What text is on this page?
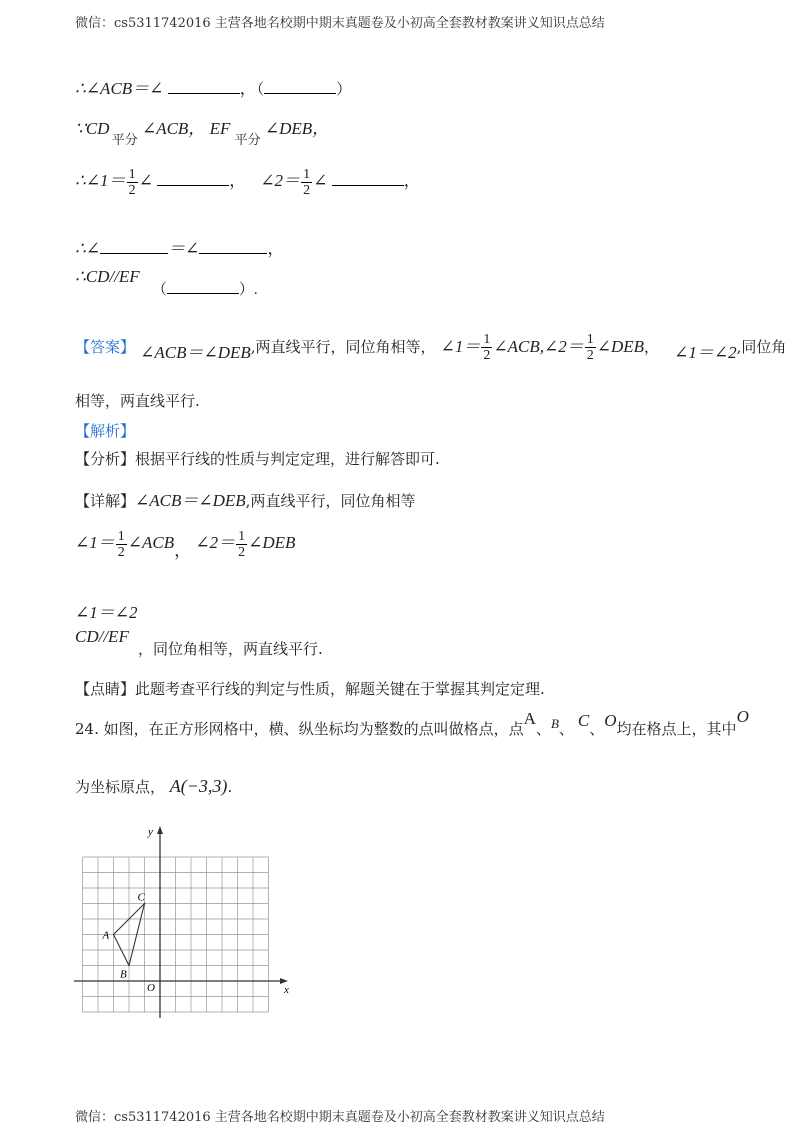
微信：cs5311742016 主营各地名校期中期末真题卷及小初高全套教材教案讲义知识点总结
∴∠ACB＝∠	，（	）
∵CD $_{平分}$ ∠ACB， EF $_{平分}$ ∠DEB，
∴∠1＝ $\frac{1}{2}$ ∠	， ∠2＝ $\frac{1}{2}$ ∠	，
∴∠	＝∠	，
∴CD//EF （	）.
【答案】 ∠ACB＝∠DEB,两直线平行，同位角相等， ∠1＝ $\frac{1}{2}$ ∠ACB,∠2＝ $\frac{1}{2}$ ∠DEB， ∠1＝∠2,同位角
相等，两直线平行.
【解析】
【分析】根据平行线的性质与判定定理，进行解答即可.
【详解】∠ACB＝∠DEB,两直线平行，同位角相等
∠1＝ $\frac{1}{2}$ ∠ACB， ∠2＝ $\frac{1}{2}$ ∠DEB
∠1＝∠2
CD//EF ，同位角相等，两直线平行.
【点睛】此题考查平行线的判定与性质，解题关键在于掌握其判定定理.
24. 如图，在正方形网格中，横、纵坐标均为整数的点叫做格点，点A、B、 C、O均在格点上，其中O
为坐标原点， A(−3,3).
x
y
O
A
B
C
微信：cs5311742016 主营各地名校期中期末真题卷及小初高全套教材教案讲义知识点总结
